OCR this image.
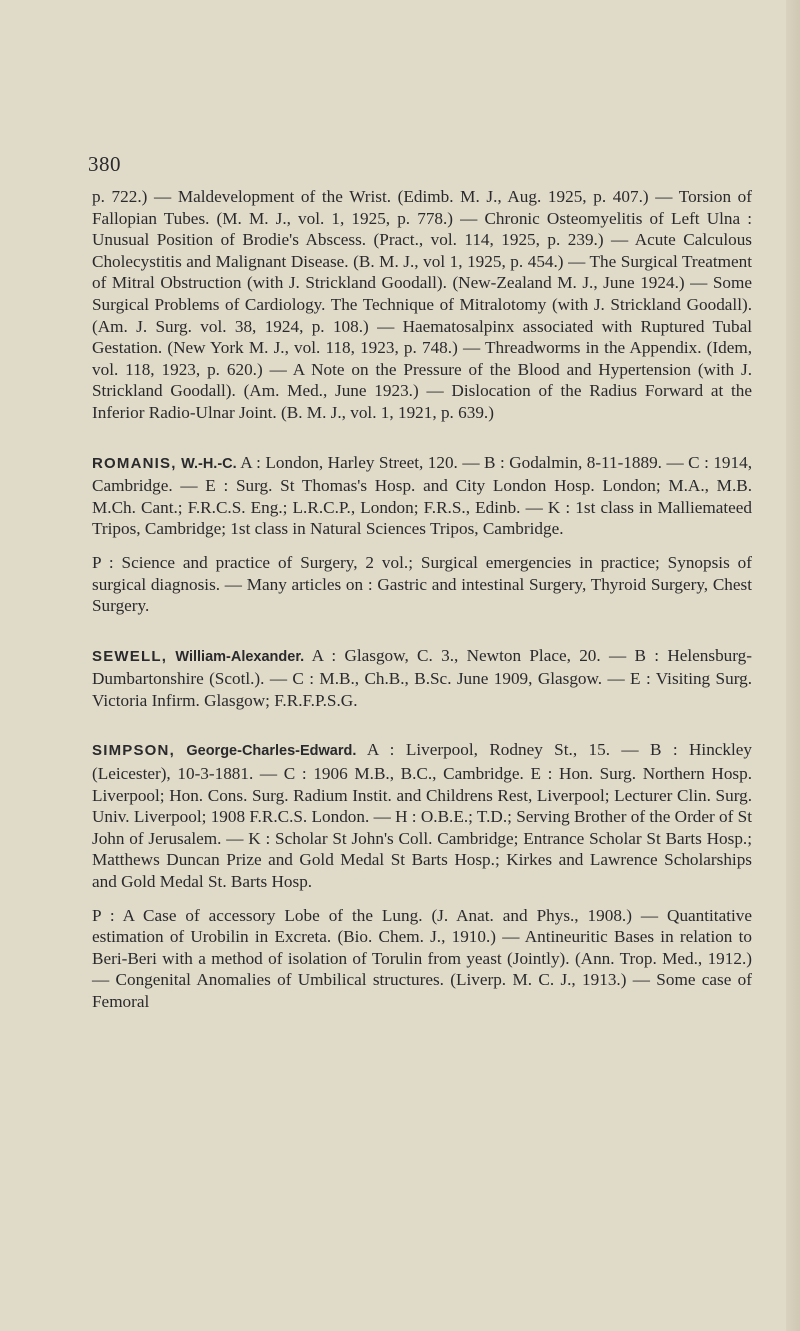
380

p. 722.) — Maldevelopment of the Wrist. (Edimb. M. J., Aug. 1925, p. 407.) — Torsion of Fallopian Tubes. (M. M. J., vol. 1, 1925, p. 778.) — Chronic Osteomyelitis of Left Ulna : Unusual Position of Brodie's Abscess. (Pract., vol. 114, 1925, p. 239.) — Acute Calculous Cholecystitis and Malignant Disease. (B. M. J., vol 1, 1925, p. 454.) — The Surgical Treatment of Mitral Obstruction (with J. Strickland Goodall). (New-Zealand M. J., June 1924.) — Some Surgical Problems of Cardiology. The Technique of Mitralotomy (with J. Strickland Goodall). (Am. J. Surg. vol. 38, 1924, p. 108.) — Haematosalpinx associated with Ruptured Tubal Gestation. (New York M. J., vol. 118, 1923, p. 748.) — Threadworms in the Appendix. (Idem, vol. 118, 1923, p. 620.) — A Note on the Pressure of the Blood and Hypertension (with J. Strickland Goodall). (Am. Med., June 1923.) — Dislocation of the Radius Forward at the Inferior Radio-Ulnar Joint. (B. M. J., vol. 1, 1921, p. 639.)

ROMANIS, W.-H.-C. A : London, Harley Street, 120. — B : Godalmin, 8-11-1889. — C : 1914, Cambridge. — E : Surg. St Thomas's Hosp. and City London Hosp. London; M.A., M.B. M.Ch. Cant.; F.R.C.S. Eng.; L.R.C.P., London; F.R.S., Edinb. — K : 1st class in Malliemateed Tripos, Cambridge; 1st class in Natural Sciences Tripos, Cambridge.

P : Science and practice of Surgery, 2 vol.; Surgical emergencies in practice; Synopsis of surgical diagnosis. — Many articles on : Gastric and intestinal Surgery, Thyroid Surgery, Chest Surgery.

SEWELL, William-Alexander. A : Glasgow, C. 3., Newton Place, 20. — B : Helensburg-Dumbartonshire (Scotl.). — C : M.B., Ch.B., B.Sc. June 1909, Glasgow. — E : Visiting Surg. Victoria Infirm. Glasgow; F.R.F.P.S.G.

SIMPSON, George-Charles-Edward. A : Liverpool, Rodney St., 15. — B : Hinckley (Leicester), 10-3-1881. — C : 1906 M.B., B.C., Cambridge. E : Hon. Surg. Northern Hosp. Liverpool; Hon. Cons. Surg. Radium Instit. and Childrens Rest, Liverpool; Lecturer Clin. Surg. Univ. Liverpool; 1908 F.R.C.S. London. — H : O.B.E.; T.D.; Serving Brother of the Order of St John of Jerusalem. — K : Scholar St John's Coll. Cambridge; Entrance Scholar St Barts Hosp.; Matthews Duncan Prize and Gold Medal St Barts Hosp.; Kirkes and Lawrence Scholarships and Gold Medal St. Barts Hosp.

P : A Case of accessory Lobe of the Lung. (J. Anat. and Phys., 1908.) — Quantitative estimation of Urobilin in Excreta. (Bio. Chem. J., 1910.) — Antineuritic Bases in relation to Beri-Beri with a method of isolation of Torulin from yeast (Jointly). (Ann. Trop. Med., 1912.) — Congenital Anomalies of Umbilical structures. (Liverp. M. C. J., 1913.) — Some case of Femoral
